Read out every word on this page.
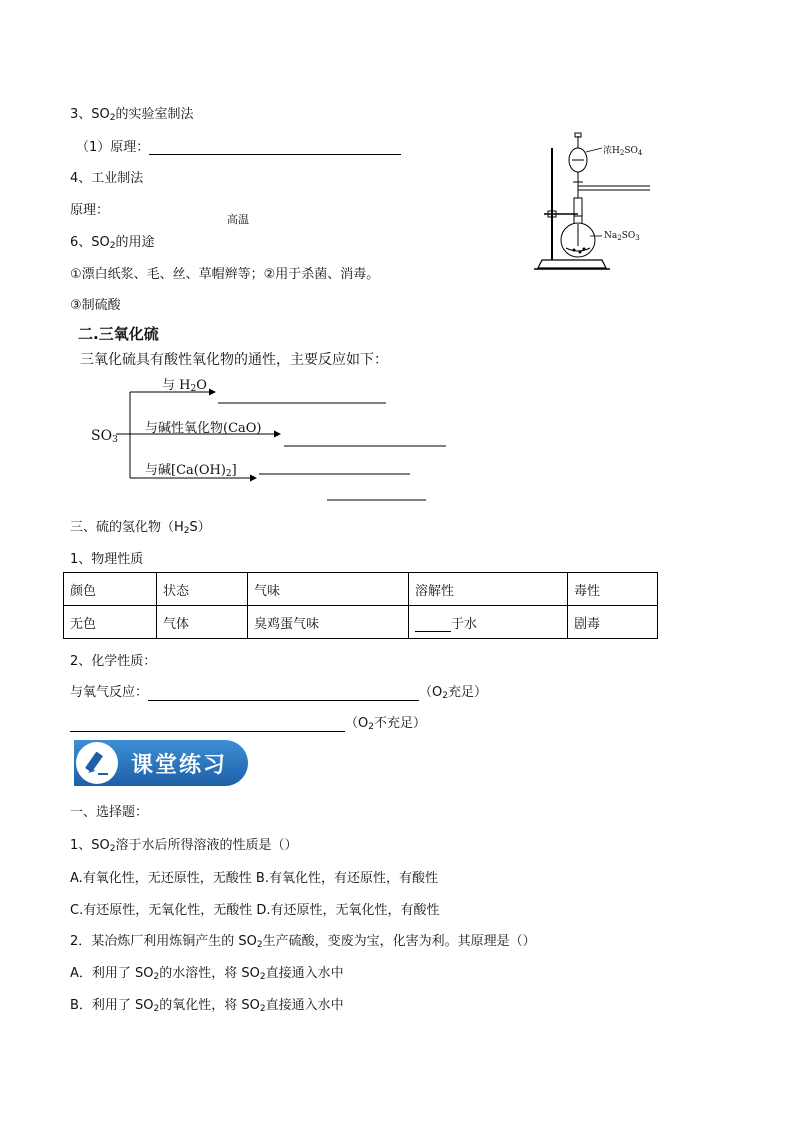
3、$SO_2$的实验室制法
（1）原理：
4、工业制法
原理：
高温
6、$SO_2$的用途
①漂白纸浆、毛、丝、草帽辫等；②用于杀菌、消毒。
③制硫酸
浓$H_2SO_4$
$Na_2SO_3$
二.三氧化硫
三氧化硫具有酸性氧化物的通性，主要反应如下：
$SO_3$
与 $H_2O$
与碱性氧化物(CaO)
与碱$[Ca(OH)_2]$
三、硫的氢化物$(H_2S)$
1、物理性质
颜色	状态	气味	溶解性	毒性
无色	气体	臭鸡蛋气味	于水	剧毒
2、化学性质：
与氧气反应：	（$O_2$充足）
（$O_2$不充足）
课堂练习
一、选择题：
1、$SO_2$溶于水后所得溶液的性质是（）
A.有氧化性，无还原性，无酸性 B.有氧化性，有还原性，有酸性
C.有还原性，无氧化性，无酸性 D.有还原性，无氧化性，有酸性
2．某冶炼厂利用炼铜产生的 $SO_2$生产硫酸，变废为宝，化害为利。其原理是（）
A．利用了 $SO_2$的水溶性，将 $SO_2$直接通入水中
B．利用了 $SO_2$的氧化性，将 $SO_2$直接通入水中
